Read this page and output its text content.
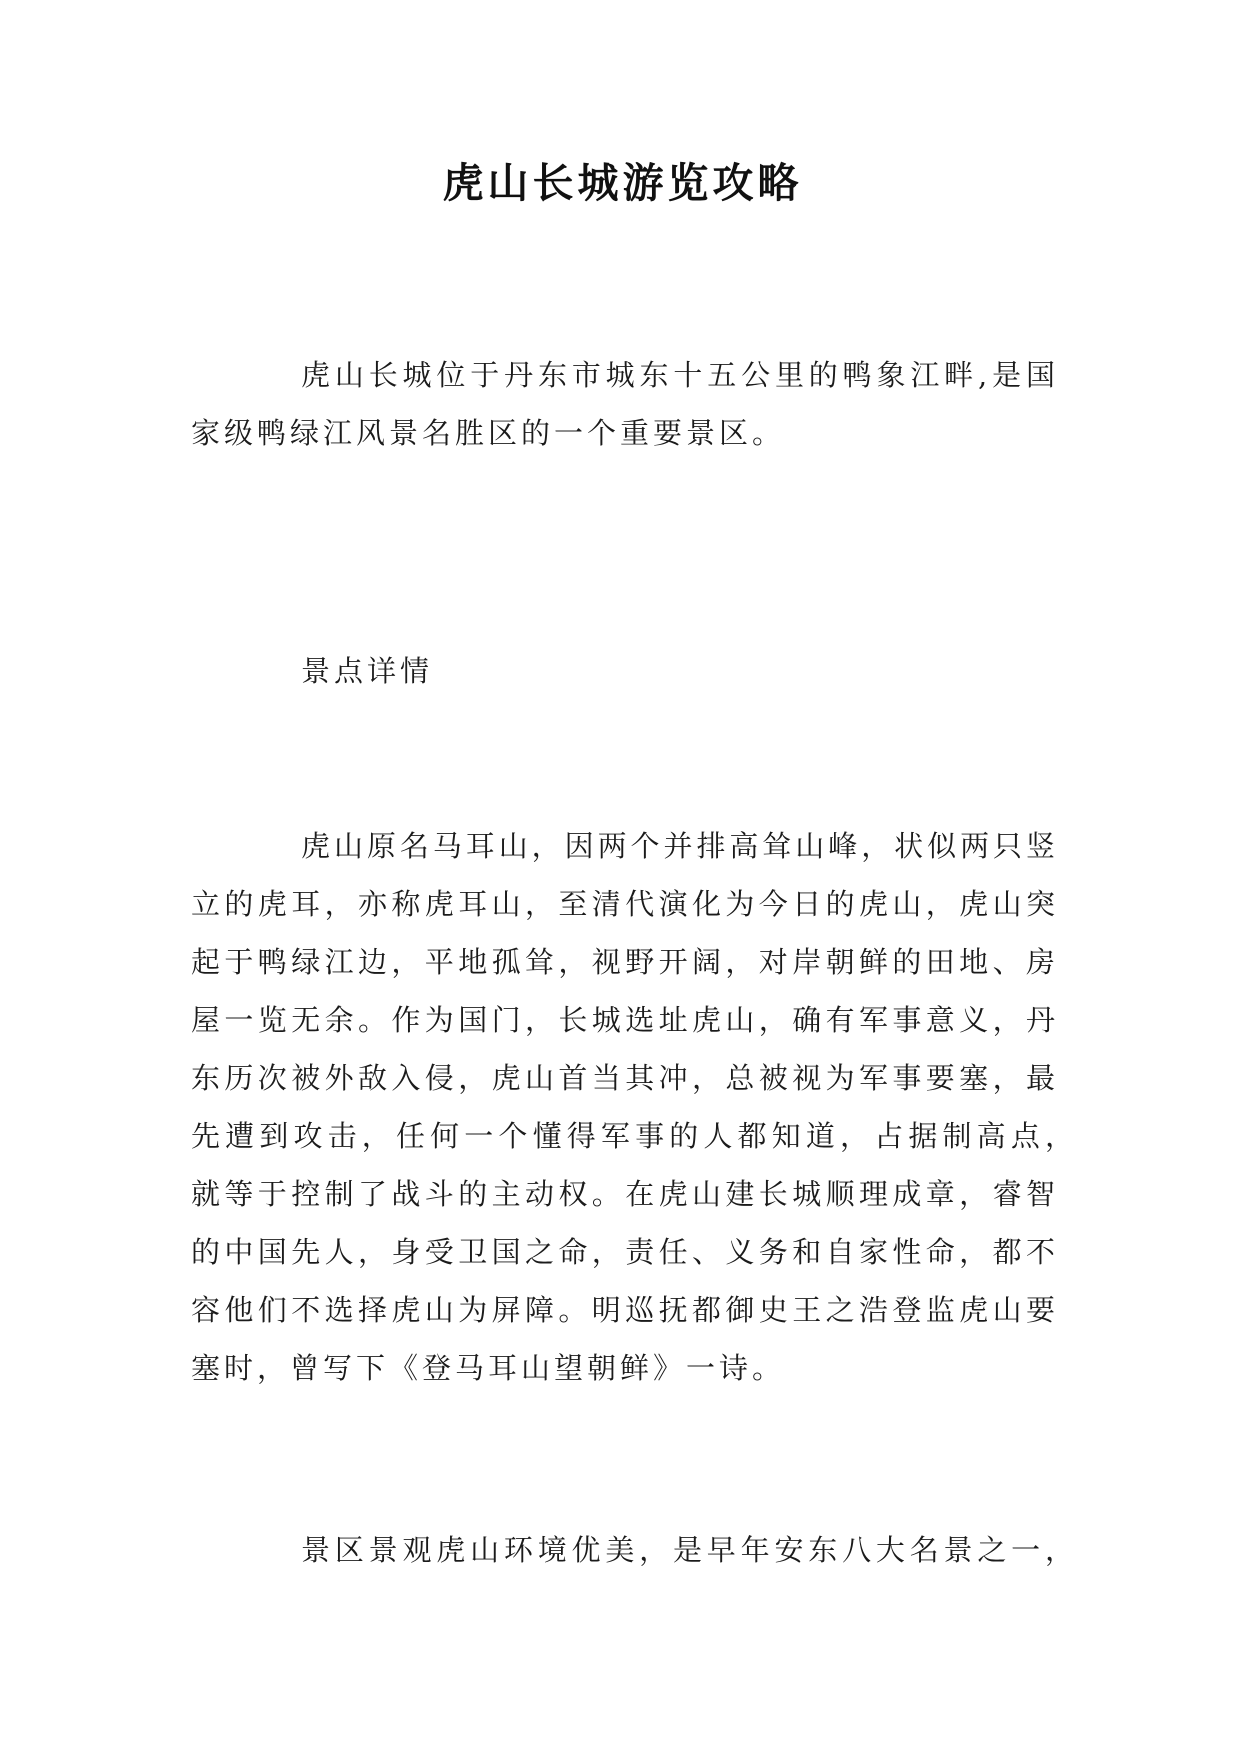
虎山长城游览攻略
虎山长城位于丹东市城东十五公里的鸭象江畔,是国
家级鸭绿江风景名胜区的一个重要景区。
景点详情
虎山原名马耳山，因两个并排高耸山峰，状似两只竖
立的虎耳，亦称虎耳山，至清代演化为今日的虎山，虎山突
起于鸭绿江边，平地孤耸，视野开阔，对岸朝鲜的田地、房
屋一览无余。作为国门，长城选址虎山，确有军事意义，丹
东历次被外敌入侵，虎山首当其冲，总被视为军事要塞，最
先遭到攻击，任何一个懂得军事的人都知道，占据制高点，
就等于控制了战斗的主动权。在虎山建长城顺理成章，睿智
的中国先人，身受卫国之命，责任、义务和自家性命，都不
容他们不选择虎山为屏障。明巡抚都御史王之浩登监虎山要
塞时，曾写下《登马耳山望朝鲜》一诗。
景区景观虎山环境优美，是早年安东八大名景之一，
